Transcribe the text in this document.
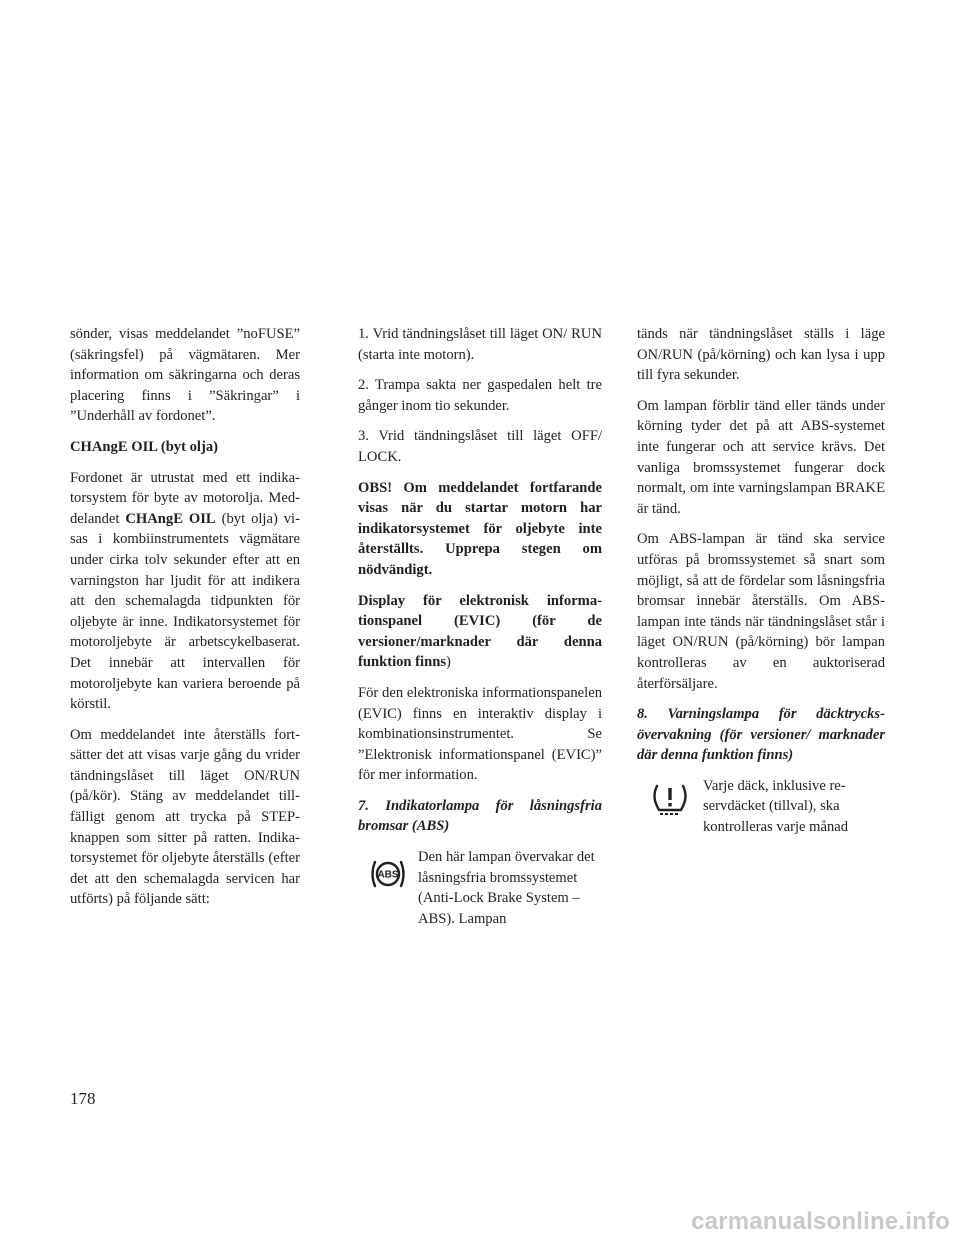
sönder, visas meddelandet ”noFUSE” (säkringsfel) på vägmätaren. Mer information om säkringarna och deras placering finns i ”Säkringar” i ”Underhåll av fordonet”.

CHAngE OIL (byt olja)

Fordonet är utrustat med ett indikatorsystem för byte av motorolja. Meddelandet CHAngE OIL (byt olja) visas i kombiinstrumentets vägmätare under cirka tolv sekunder efter att en varningston har ljudit för att indikera att den schemalagda tidpunkten för oljebyte är inne. Indikatorsystemet för motoroljebyte är arbetscykelbaserat. Det innebär att intervallen för motoroljebyte kan variera beroende på körstil.

Om meddelandet inte återställs fortsätter det att visas varje gång du vrider tändningslåset till läget ON/RUN (på/kör). Stäng av meddelandet tillfälligt genom att trycka på STEP-knappen som sitter på ratten. Indikatorsystemet för oljebyte återställs (efter det att den schemalagda servicen har utförts) på följande sätt:

1. Vrid tändningslåset till läget ON/ RUN (starta inte motorn).

2. Trampa sakta ner gaspedalen helt tre gånger inom tio sekunder.

3. Vrid tändningslåset till läget OFF/ LOCK.

OBS! Om meddelandet fortfarande visas när du startar motorn har indikatorsystemet för oljebyte inte återställts. Upprepa stegen om nödvändigt.

Display för elektronisk informationspanel (EVIC) (för de versioner/marknader där denna funktion finns)

För den elektroniska informationspanelen (EVIC) finns en interaktiv display i kombinationsinstrumentet. Se ”Elektronisk informationspanel (EVIC)” för mer information.

7. Indikatorlampa för låsningsfria bromsar (ABS)

ABS
Den här lampan övervakar det låsningsfria bromssystemet (Anti-Lock Brake System – ABS). Lampan

tänds när tändningslåset ställs i läge ON/RUN (på/körning) och kan lysa i upp till fyra sekunder.

Om lampan förblir tänd eller tänds under körning tyder det på att ABS-systemet inte fungerar och att service krävs. Det vanliga bromssystemet fungerar dock normalt, om inte varningslampan BRAKE är tänd.

Om ABS-lampan är tänd ska service utföras på bromssystemet så snart som möjligt, så att de fördelar som låsningsfria bromsar innebär återställs. Om ABS-lampan inte tänds när tändningslåset står i läget ON/RUN (på/körning) bör lampan kontrolleras av en auktoriserad återförsäljare.

8. Varningslampa för däcktrycksövervakning (för versioner/ marknader där denna funktion finns)

Varje däck, inklusive reservdäcket (tillval), ska kontrolleras varje månad
178
carmanualsonline.info
